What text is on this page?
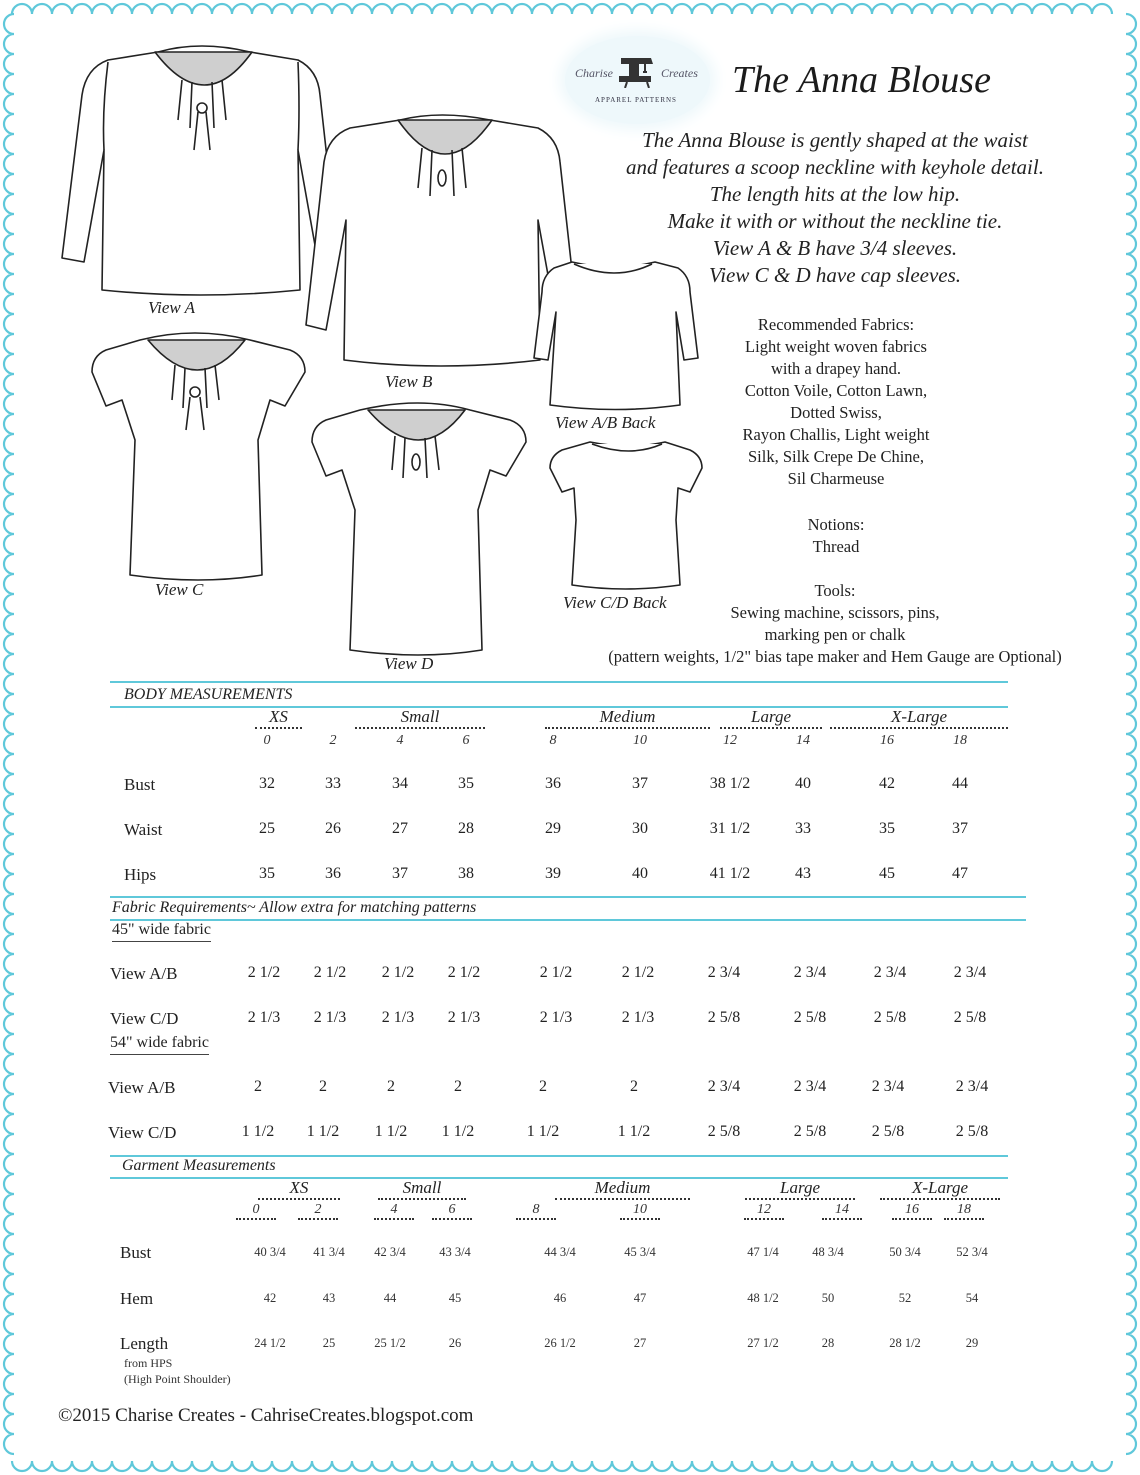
Charise	Creates
APPAREL PATTERNS The Anna Blouse
The Anna Blouse is gently shaped at the waist
and features a scoop neckline with keyhole detail.
The length hits at the low hip.
Make it with or without the neckline tie.
View A & B have 3/4 sleeves.
View C & D have cap sleeves.
Recommended Fabrics:
Light weight woven fabrics
with a drapey hand.
Cotton Voile, Cotton Lawn,
Dotted Swiss,
Rayon Challis, Light weight
Silk, Silk Crepe De Chine,
Sil Charmeuse
Notions:
Thread
Tools:
Sewing machine, scissors, pins,
marking pen or chalk
(pattern weights, 1/2" bias tape maker and Hem Gauge are Optional)
View A
View B
View C
View D
View A/B Back
View C/D Back
BODY MEASUREMENTS
XS	Small	Medium	Large	X-Large
0	2	4	6	8	10	12	14	16	18
Bust	32	33	34	35	36	37	38 1/2	40	42	44
Waist	25	26	27	28	29	30	31 1/2	33	35	37
Hips	35	36	37	38	39	40	41 1/2	43	45	47
Fabric Requirements~ Allow extra for matching patterns
45" wide fabric
54" wide fabric
View A/B	2 1/2	2 1/2	2 1/2	2 1/2	2 1/2	2 1/2	2 3/4	2 3/4	2 3/4	2 3/4
View C/D	2 1/3	2 1/3	2 1/3	2 1/3	2 1/3	2 1/3	2 5/8	2 5/8	2 5/8	2 5/8
View A/B	2	2	2	2	2	2	2 3/4	2 3/4	2 3/4	2 3/4
View C/D	1 1/2	1 1/2	1 1/2	1 1/2	1 1/2	1 1/2	2 5/8	2 5/8	2 5/8	2 5/8
Garment Measurements
XS	Small	Medium	Large	X-Large
0	2	4	6	8	10	12	14	16	18
Bust	40 3/4	41 3/4	42 3/4	43 3/4	44 3/4	45 3/4	47 1/4	48 3/4	50 3/4	52 3/4
Hem	42	43	44	45	46	47	48 1/2	50	52	54
Length	24 1/2	25	25 1/2	26	26 1/2	27	27 1/2	28	28 1/2	29
from HPS
(High Point Shoulder)
©2015 Charise Creates - CahriseCreates.blogspot.com
